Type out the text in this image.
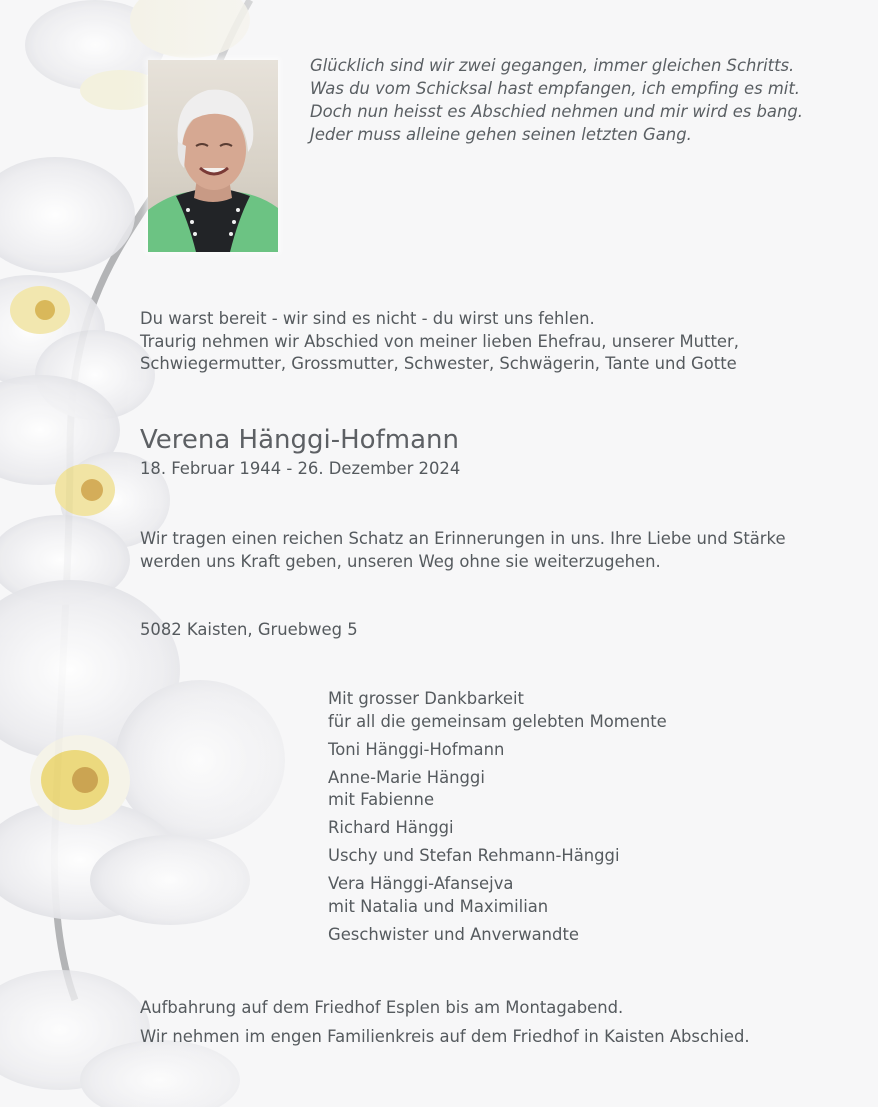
Glücklich sind wir zwei gegangen, immer gleichen Schritts.
Was du vom Schicksal hast empfangen, ich empfing es mit.
Doch nun heisst es Abschied nehmen und mir wird es bang.
Jeder muss alleine gehen seinen letzten Gang.
Du warst bereit - wir sind es nicht - du wirst uns fehlen.
Traurig nehmen wir Abschied von meiner lieben Ehefrau, unserer Mutter,
Schwiegermutter, Grossmutter, Schwester, Schwägerin, Tante und Gotte
Verena Hänggi-Hofmann
18. Februar 1944 - 26. Dezember 2024
Wir tragen einen reichen Schatz an Erinnerungen in uns. Ihre Liebe und Stärke
werden uns Kraft geben, unseren Weg ohne sie weiterzugehen.
5082 Kaisten, Gruebweg 5
Mit grosser Dankbarkeit
für all die gemeinsam gelebten Momente
Toni Hänggi-Hofmann
Anne-Marie Hänggi
mit Fabienne
Richard Hänggi
Uschy und Stefan Rehmann-Hänggi
Vera Hänggi-Afansejva
mit Natalia und Maximilian
Geschwister und Anverwandte
Aufbahrung auf dem Friedhof Esplen bis am Montagabend.
Wir nehmen im engen Familienkreis auf dem Friedhof in Kaisten Abschied.
